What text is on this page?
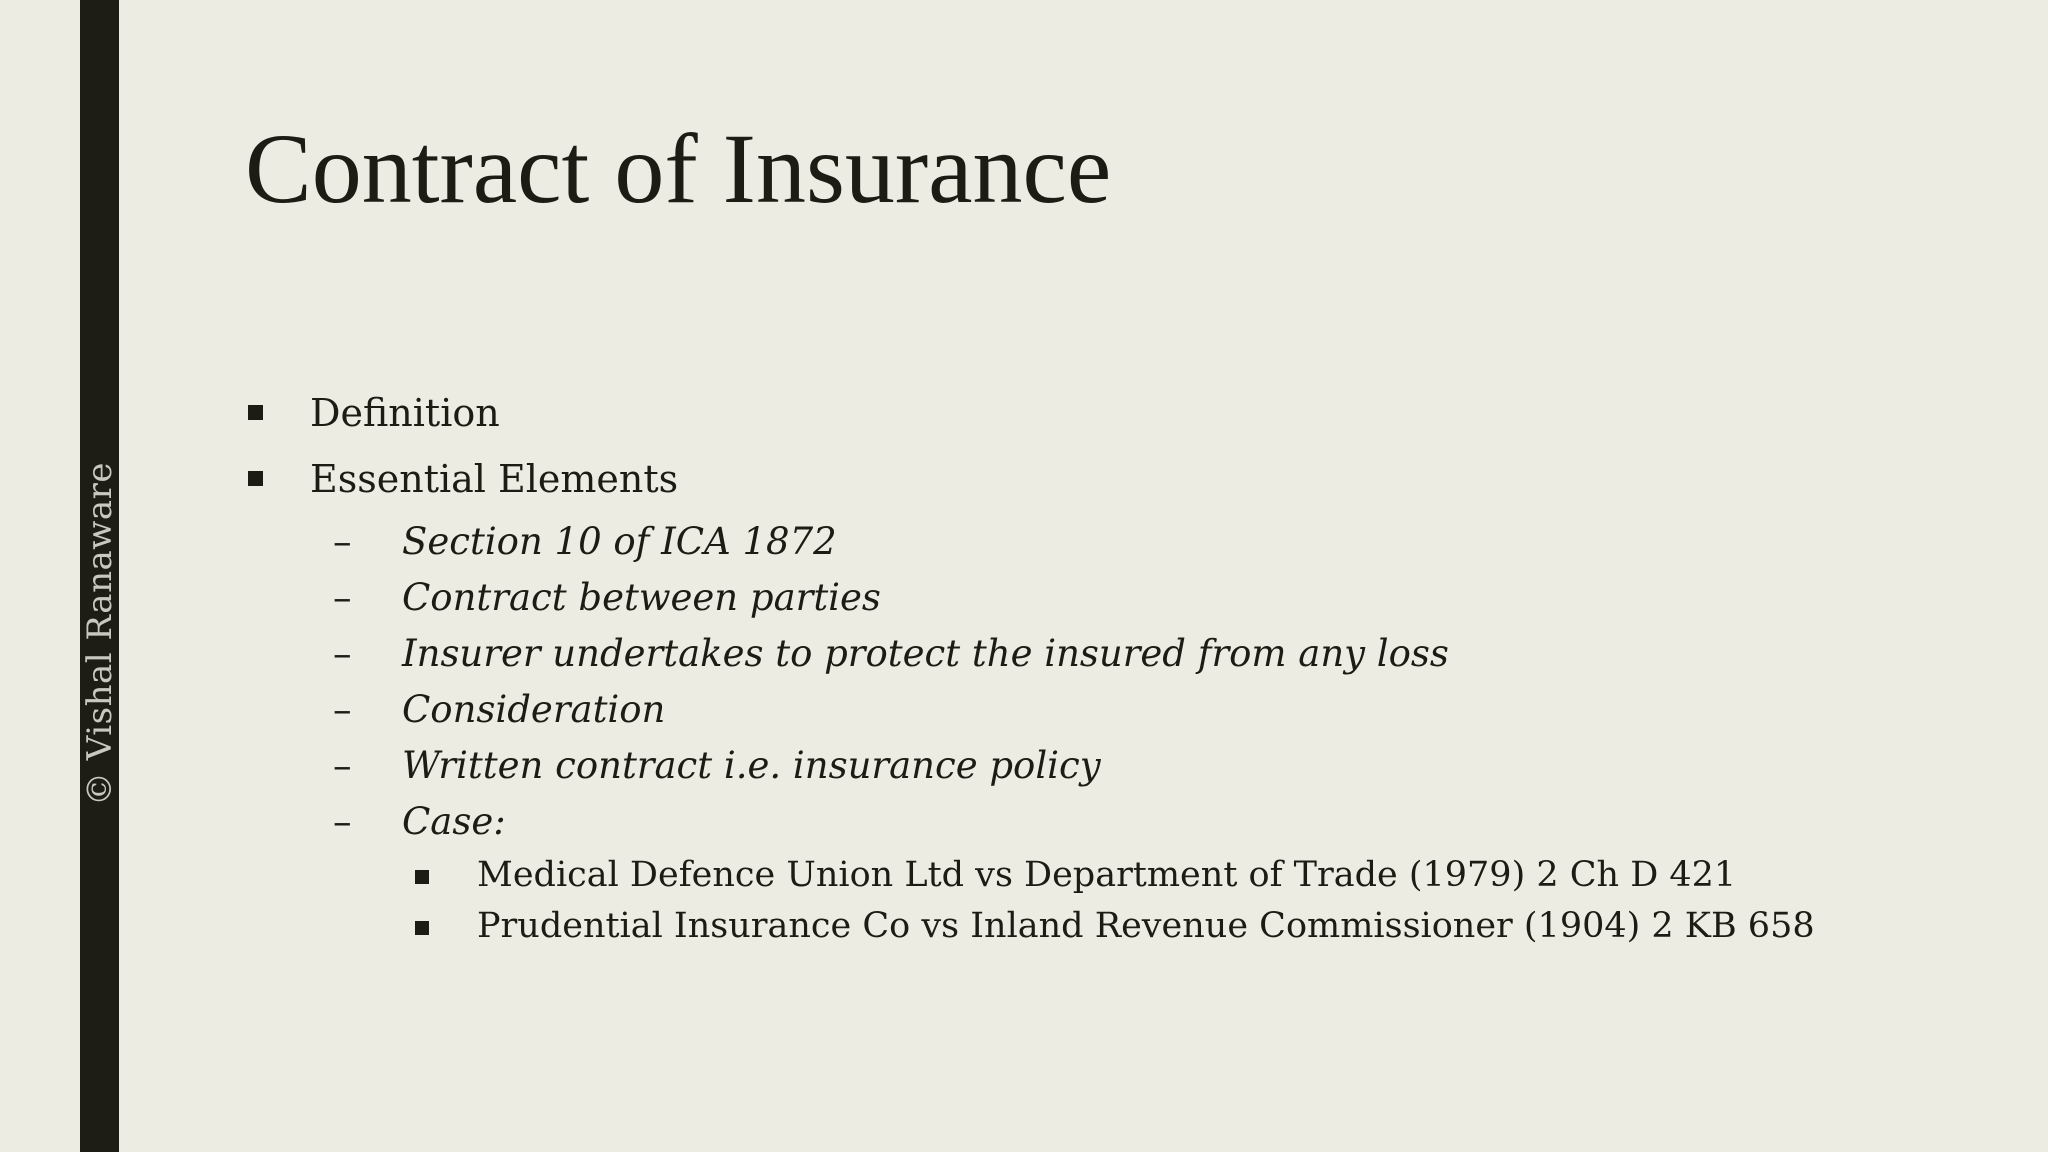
© Vishal Ranaware
Contract of Insurance
Definition
Essential Elements
– Section 10 of ICA 1872
– Contract between parties
– Insurer undertakes to protect the insured from any loss
– Consideration
– Written contract i.e. insurance policy
– Case:
Medical Defence Union Ltd vs Department of Trade (1979) 2 Ch D 421
Prudential Insurance Co vs Inland Revenue Commissioner (1904) 2 KB 658
